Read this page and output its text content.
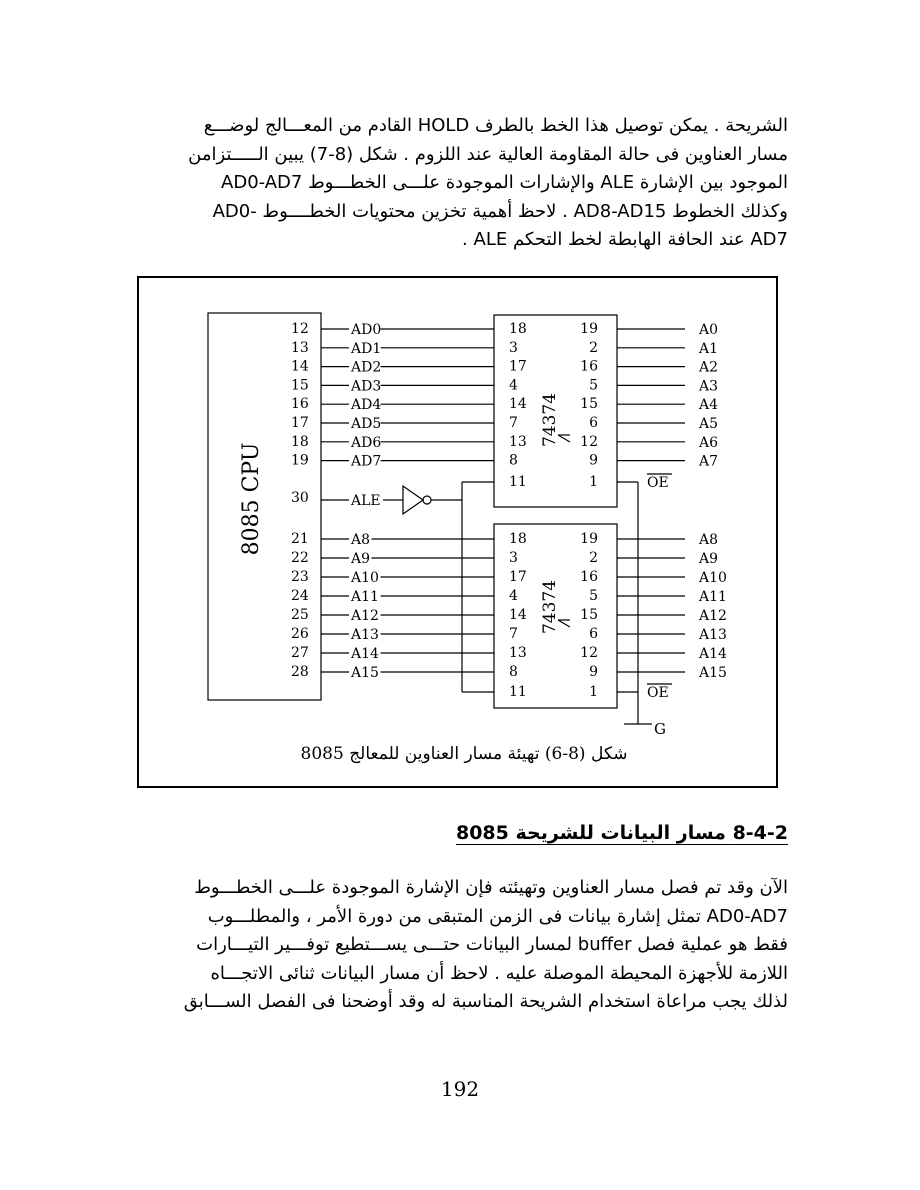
الشريحة . يمكن توصيل هذا الخط بالطرف HOLD القادم من المعـــالج لوضـــع
مسار العناوين فى حالة المقاومة العالية عند اللزوم . شكل (8-7) يبين الـــــتزامن
الموجود بين الإشارة ALE والإشارات الموجودة علـــى الخطـــوط AD0-AD7
وكذلك الخطوط AD8-AD15 . لاحظ أهمية تخزين محتويات الخطــــوط -AD0
AD7 عند الحافة الهابطة لخط التحكم ALE .
8085 CPU
74374
74374
30	ALE
G
OE
OE
12	AD0	18	19	A0
13	AD1	3	2	A1
14	AD2	17	16	A2
15	AD3	4	5	A3
16	AD4	14	15	A4
17	AD5	7	6	A5
18	AD6	13	12	A6
19	AD7	8	9	A7
11	1
21	A8	18	19	A8
22	A9	3	2	A9
23	A10	17	16	A10
24	A11	4	5	A11
25	A12	14	15	A12
26	A13	7	6	A13
27	A14	13	12	A14
28	A15	8	9	A15
11	1
شكل (8-6) تهيئة مسار العناوين للمعالج 8085
8-4-2 مسار البيانات للشريحة 8085
الآن وقد تم فصل مسار العناوين وتهيئته فإن الإشارة الموجودة علـــى الخطـــوط
AD0-AD7 تمثل إشارة بيانات فى الزمن المتبقى من دورة الأمر ، والمطلـــوب
فقط هو عملية فصل buffer لمسار البيانات حتـــى يســـتطيع توفـــير التيـــارات
اللازمة للأجهزة المحيطة الموصلة عليه . لاحظ أن مسار البيانات ثنائى الاتجـــاه
لذلك يجب مراعاة استخدام الشريحة المناسبة له وقد أوضحنا فى الفصل الســـابق
192
